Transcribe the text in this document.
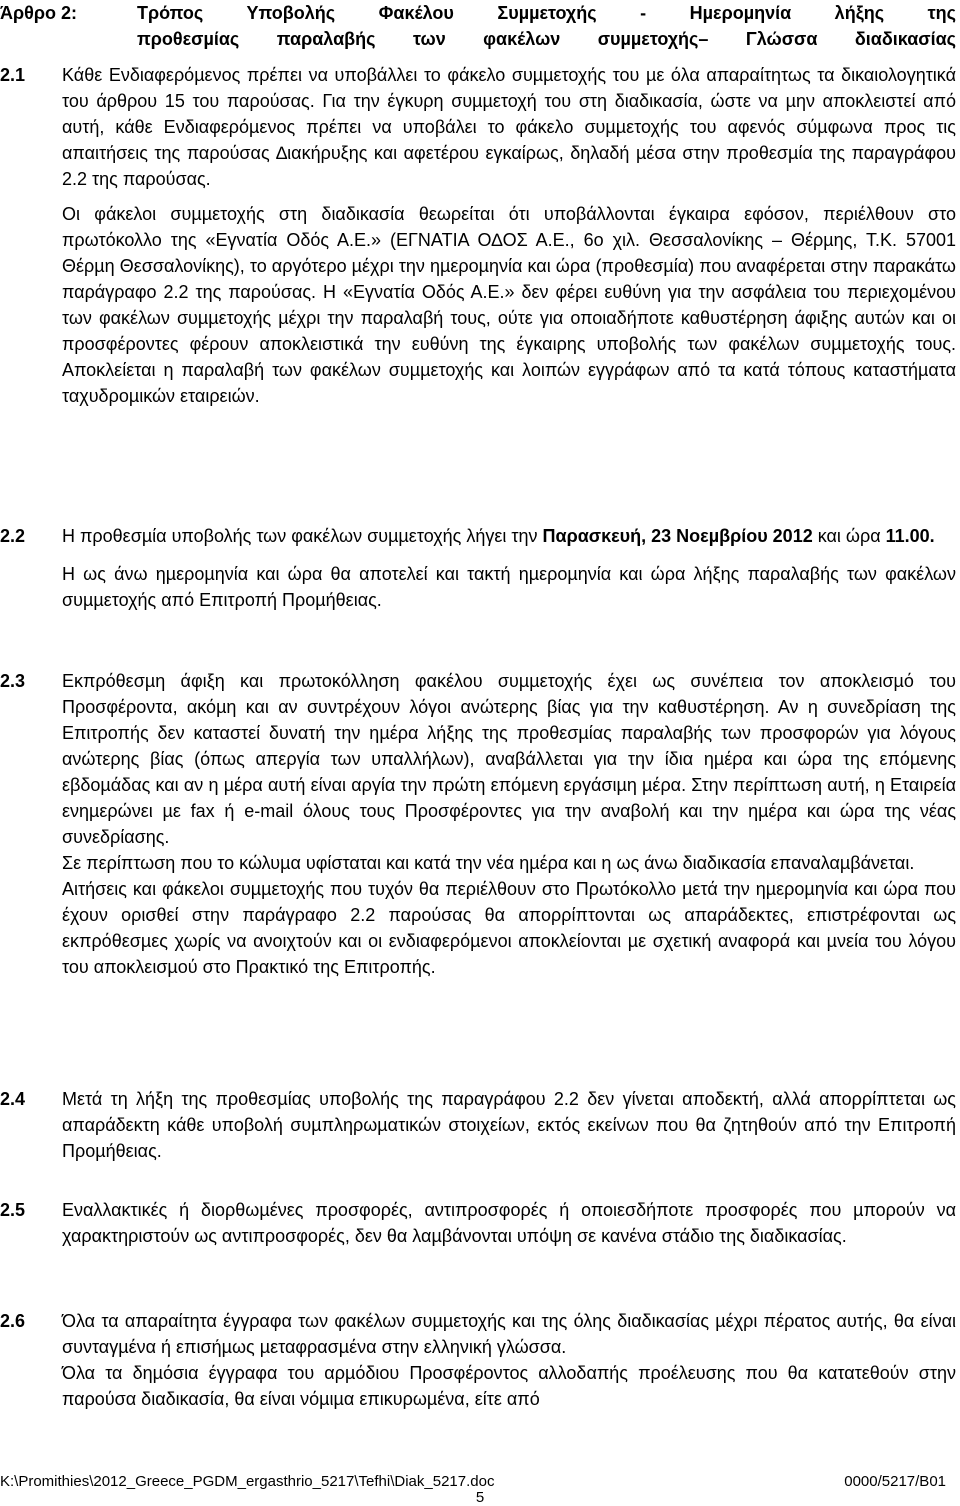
Άρθρο 2:	Τρόπος Υποβολής Φακέλου Συµµετοχής - Ηµεροµηνία λήξης της
προθεσµίας παραλαβής των φακέλων συµµετοχής– Γλώσσα διαδικασίας
2.1 Κάθε Ενδιαφερόµενος πρέπει να υποβάλλει το φάκελο συµµετοχής του µε όλα απαραίτητως τα δικαιολογητικά του άρθρου 15 του παρούσας. Για την έγκυρη συµµετοχή του στη διαδικασία, ώστε να µην αποκλειστεί από αυτή, κάθε Ενδιαφερόµενος πρέπει να υποβάλει το φάκελο συµµετοχής του αφενός σύµφωνα προς τις απαιτήσεις της παρούσας ∆ιακήρυξης και αφετέρου εγκαίρως, δηλαδή µέσα στην προθεσµία της παραγράφου 2.2 της παρούσας.
Οι φάκελοι συµµετοχής στη διαδικασία θεωρείται ότι υποβάλλονται έγκαιρα εφόσον, περιέλθουν στο πρωτόκολλο της «Εγνατία Οδός Α.Ε.» (ΕΓΝΑΤΙΑ Ο∆ΟΣ Α.Ε., 6ο χιλ. Θεσσαλονίκης – Θέρµης, Τ.Κ. 57001 Θέρµη Θεσσαλονίκης), το αργότερο µέχρι την ηµεροµηνία και ώρα (προθεσµία) που αναφέρεται στην παρακάτω παράγραφο 2.2 της παρούσας. Η «Εγνατία Οδός Α.Ε.» δεν φέρει ευθύνη για την ασφάλεια του περιεχοµένου των φακέλων συµµετοχής µέχρι την παραλαβή τους, ούτε για οποιαδήποτε καθυστέρηση άφιξης αυτών και οι προσφέροντες φέρουν αποκλειστικά την ευθύνη της έγκαιρης υποβολής των φακέλων συµµετοχής τους. Αποκλείεται η παραλαβή των φακέλων συµµετοχής και λοιπών εγγράφων από τα κατά τόπους καταστήµατα ταχυδροµικών εταιρειών.
2.2 Η προθεσµία υποβολής των φακέλων συµµετοχής λήγει την Παρασκευή, 23 Νοεµβρίου 2012 και ώρα 11.00.
Η ως άνω ηµεροµηνία και ώρα θα αποτελεί και τακτή ηµεροµηνία και ώρα λήξης παραλαβής των φακέλων συµµετοχής από Επιτροπή Προµήθειας.
2.3 Εκπρόθεσµη άφιξη και πρωτοκόλληση φακέλου συµµετοχής έχει ως συνέπεια τον αποκλεισµό του Προσφέροντα, ακόµη και αν συντρέχουν λόγοι ανώτερης βίας για την καθυστέρηση. Αν η συνεδρίαση της Επιτροπής δεν καταστεί δυνατή την ηµέρα λήξης της προθεσµίας παραλαβής των προσφορών για λόγους ανώτερης βίας (όπως απεργία των υπαλλήλων), αναβάλλεται για την ίδια ηµέρα και ώρα της επόµενης εβδοµάδας και αν η µέρα αυτή είναι αργία την πρώτη επόµενη εργάσιµη µέρα. Στην περίπτωση αυτή, η Εταιρεία ενηµερώνει µε fax ή e-mail όλους τους Προσφέροντες για την αναβολή και την ηµέρα και ώρα της νέας συνεδρίασης.
Σε περίπτωση που το κώλυµα υφίσταται και κατά την νέα ηµέρα και η ως άνω διαδικασία επαναλαµβάνεται.
Αιτήσεις και φάκελοι συµµετοχής που τυχόν θα περιέλθουν στο Πρωτόκολλο µετά την ηµεροµηνία και ώρα που έχουν ορισθεί στην παράγραφο 2.2 παρούσας θα απορρίπτονται ως απαράδεκτες, επιστρέφονται ως εκπρόθεσµες χωρίς να ανοιχτούν και οι ενδιαφερόµενοι αποκλείονται µε σχετική αναφορά και µνεία του λόγου του αποκλεισµού στο Πρακτικό της Επιτροπής.
2.4 Μετά τη λήξη της προθεσµίας υποβολής της παραγράφου 2.2 δεν γίνεται αποδεκτή, αλλά απορρίπτεται ως απαράδεκτη κάθε υποβολή συµπληρωµατικών στοιχείων, εκτός εκείνων που θα ζητηθούν από την Επιτροπή Προµήθειας.
2.5 Εναλλακτικές ή διορθωµένες προσφορές, αντιπροσφορές ή οποιεσδήποτε προσφορές που µπορούν να χαρακτηριστούν ως αντιπροσφορές, δεν θα λαµβάνονται υπόψη σε κανένα στάδιο της διαδικασίας.
2.6 Όλα τα απαραίτητα έγγραφα των φακέλων συµµετοχής και της όλης διαδικασίας µέχρι πέρατος αυτής, θα είναι συνταγµένα ή επισήµως µεταφρασµένα στην ελληνική γλώσσα.
Όλα τα δηµόσια έγγραφα του αρµόδιου Προσφέροντος αλλοδαπής προέλευσης που θα κατατεθούν στην παρούσα διαδικασία, θα είναι νόµιµα επικυρωµένα, είτε από
K:\Promithies\2012_Greece_PGDM_ergasthrio_5217\Tefhi\Diak_5217.doc	0000/5217/B01
5
